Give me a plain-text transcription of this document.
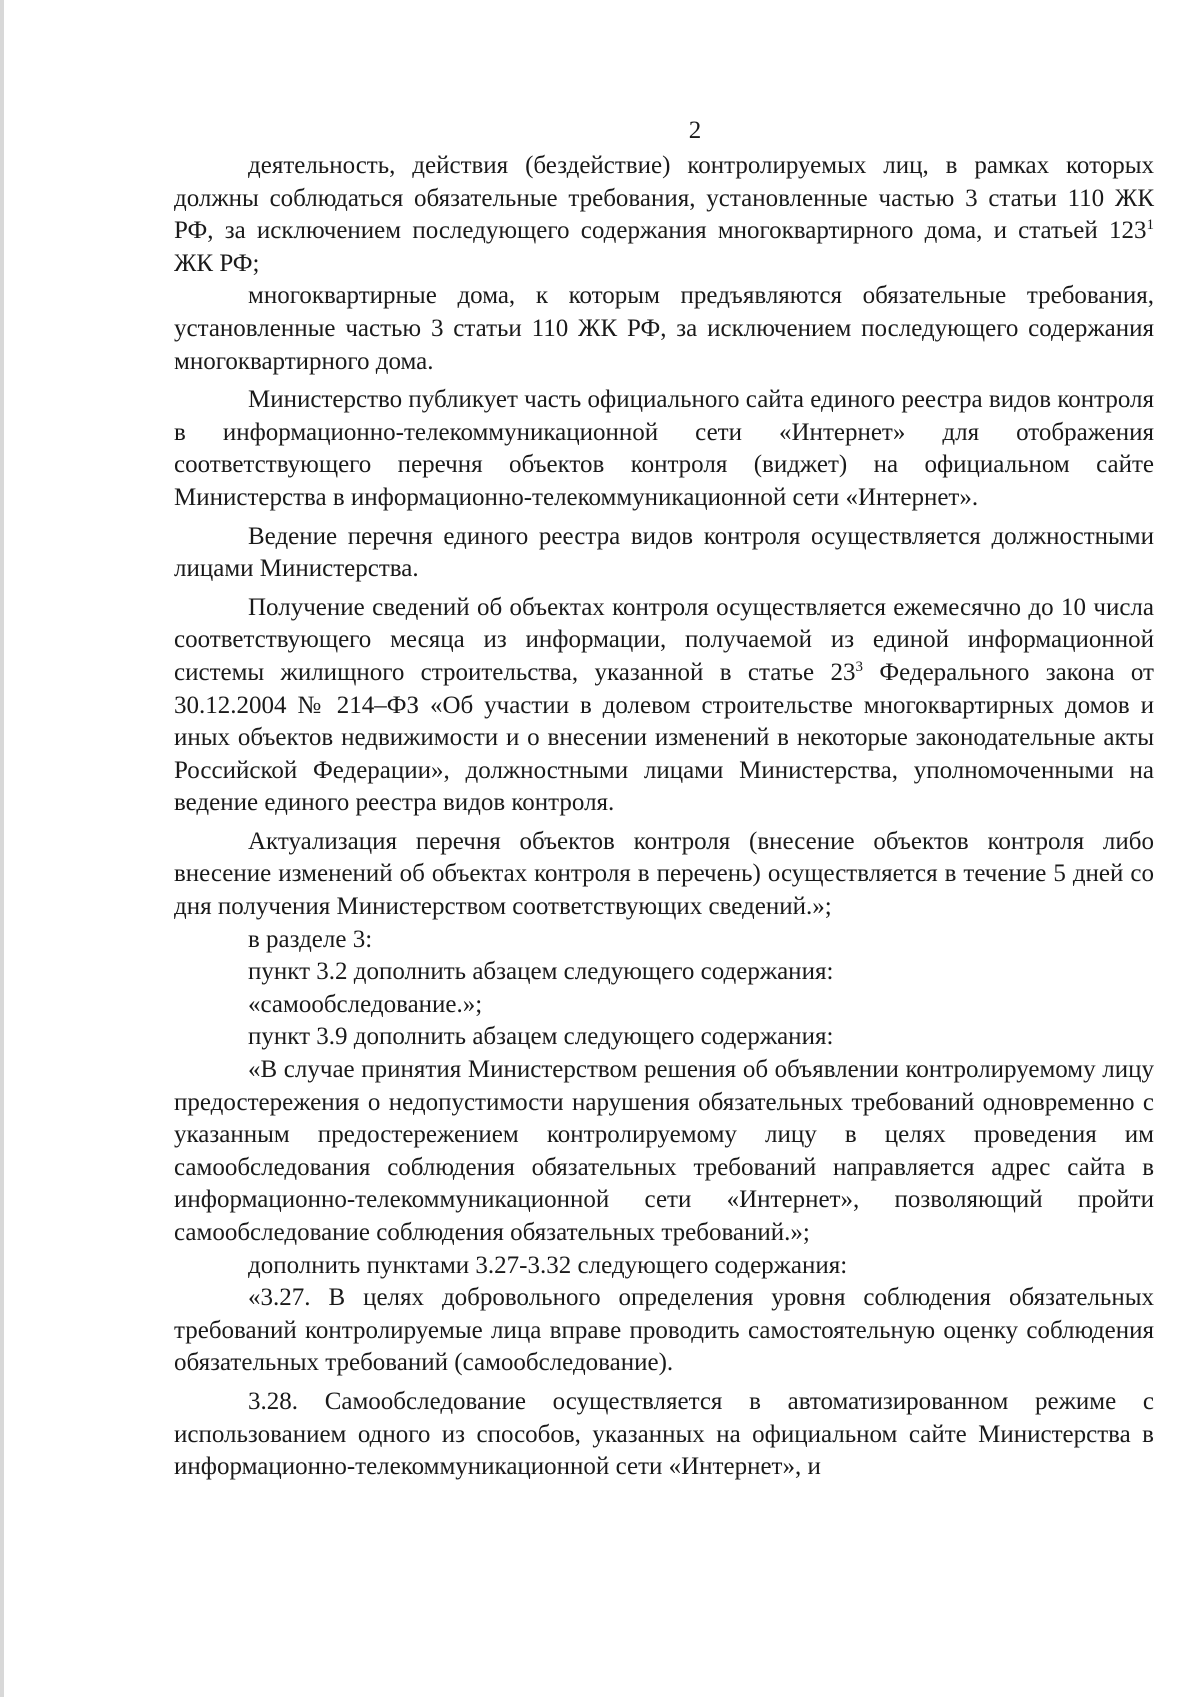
2

деятельность, действия (бездействие) контролируемых лиц, в рамках которых должны соблюдаться обязательные требования, установленные частью 3 статьи 110 ЖК РФ, за исключением последующего содержания многоквартирного дома, и статьей $123^1$ ЖК РФ;

многоквартирные дома, к которым предъявляются обязательные требования, установленные частью 3 статьи 110 ЖК РФ, за исключением последующего содержания многоквартирного дома.

Министерство публикует часть официального сайта единого реестра видов контроля в информационно-телекоммуникационной сети «Интернет» для отображения соответствующего перечня объектов контроля (виджет) на официальном сайте Министерства в информационно-телекоммуникационной сети «Интернет».

Ведение перечня единого реестра видов контроля осуществляется должностными лицами Министерства.

Получение сведений об объектах контроля осуществляется ежемесячно до 10 числа соответствующего месяца из информации, получаемой из единой информационной системы жилищного строительства, указанной в статье $23^3$ Федерального закона от 30.12.2004 № 214–ФЗ «Об участии в долевом строительстве многоквартирных домов и иных объектов недвижимости и о внесении изменений в некоторые законодательные акты Российской Федерации», должностными лицами Министерства, уполномоченными на ведение единого реестра видов контроля.

Актуализация перечня объектов контроля (внесение объектов контроля либо внесение изменений об объектах контроля в перечень) осуществляется в течение 5 дней со дня получения Министерством соответствующих сведений.»;

в разделе 3:

пункт 3.2 дополнить абзацем следующего содержания:

«самообследование.»;

пункт 3.9 дополнить абзацем следующего содержания:

«В случае принятия Министерством решения об объявлении контролируемому лицу предостережения о недопустимости нарушения обязательных требований одновременно с указанным предостережением контролируемому лицу в целях проведения им самообследования соблюдения обязательных требований направляется адрес сайта в информационно-телекоммуникационной сети «Интернет», позволяющий пройти самообследование соблюдения обязательных требований.»;

дополнить пунктами 3.27-3.32 следующего содержания:

«3.27. В целях добровольного определения уровня соблюдения обязательных требований контролируемые лица вправе проводить самостоятельную оценку соблюдения обязательных требований (самообследование).

3.28. Самообследование осуществляется в автоматизированном режиме с использованием одного из способов, указанных на официальном сайте Министерства в информационно-телекоммуникационной сети «Интернет», и
